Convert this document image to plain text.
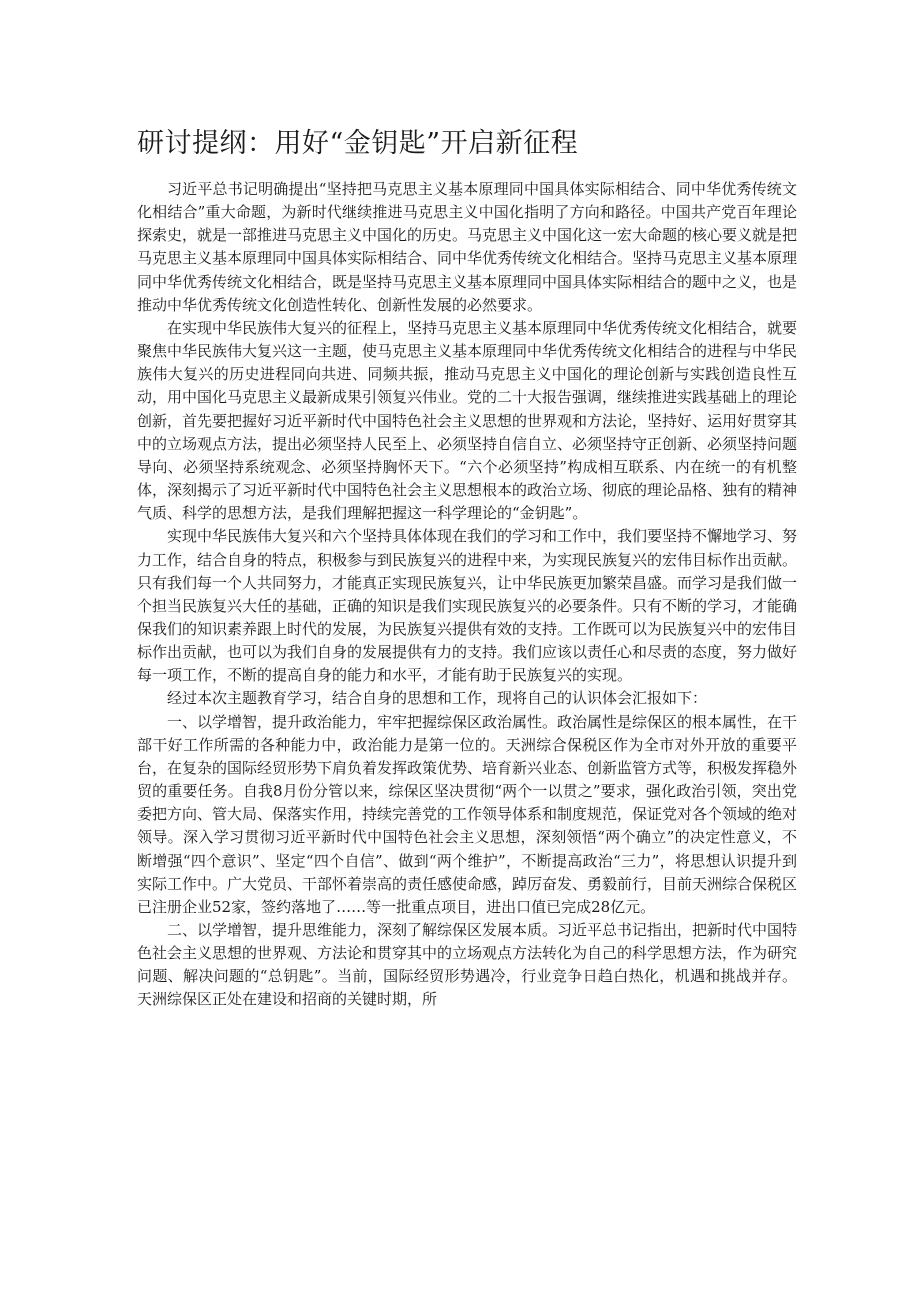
研讨提纲：用好“金钥匙”开启新征程

习近平总书记明确提出“坚持把马克思主义基本原理同中国具体实际相结合、同中华优秀传统文化相结合”重大命题，为新时代继续推进马克思主义中国化指明了方向和路径。中国共产党百年理论探索史，就是一部推进马克思主义中国化的历史。马克思主义中国化这一宏大命题的核心要义就是把马克思主义基本原理同中国具体实际相结合、同中华优秀传统文化相结合。坚持马克思主义基本原理同中华优秀传统文化相结合，既是坚持马克思主义基本原理同中国具体实际相结合的题中之义，也是推动中华优秀传统文化创造性转化、创新性发展的必然要求。

在实现中华民族伟大复兴的征程上，坚持马克思主义基本原理同中华优秀传统文化相结合，就要聚焦中华民族伟大复兴这一主题，使马克思主义基本原理同中华优秀传统文化相结合的进程与中华民族伟大复兴的历史进程同向共进、同频共振，推动马克思主义中国化的理论创新与实践创造良性互动，用中国化马克思主义最新成果引领复兴伟业。党的二十大报告强调，继续推进实践基础上的理论创新，首先要把握好习近平新时代中国特色社会主义思想的世界观和方法论，坚持好、运用好贯穿其中的立场观点方法，提出必须坚持人民至上、必须坚持自信自立、必须坚持守正创新、必须坚持问题导向、必须坚持系统观念、必须坚持胸怀天下。“六个必须坚持”构成相互联系、内在统一的有机整体，深刻揭示了习近平新时代中国特色社会主义思想根本的政治立场、彻底的理论品格、独有的精神气质、科学的思想方法，是我们理解把握这一科学理论的“金钥匙”。

实现中华民族伟大复兴和六个坚持具体体现在我们的学习和工作中，我们要坚持不懈地学习、努力工作，结合自身的特点，积极参与到民族复兴的进程中来，为实现民族复兴的宏伟目标作出贡献。只有我们每一个人共同努力，才能真正实现民族复兴，让中华民族更加繁荣昌盛。而学习是我们做一个担当民族复兴大任的基础，正确的知识是我们实现民族复兴的必要条件。只有不断的学习，才能确保我们的知识素养跟上时代的发展，为民族复兴提供有效的支持。工作既可以为民族复兴中的宏伟目标作出贡献，也可以为我们自身的发展提供有力的支持。我们应该以责任心和尽责的态度，努力做好每一项工作，不断的提高自身的能力和水平，才能有助于民族复兴的实现。

经过本次主题教育学习，结合自身的思想和工作，现将自己的认识体会汇报如下：

一、以学增智，提升政治能力，牢牢把握综保区政治属性。政治属性是综保区的根本属性，在干部干好工作所需的各种能力中，政治能力是第一位的。天洲综合保税区作为全市对外开放的重要平台，在复杂的国际经贸形势下肩负着发挥政策优势、培育新兴业态、创新监管方式等，积极发挥稳外贸的重要任务。自我8月份分管以来，综保区坚决贯彻“两个一以贯之”要求，强化政治引领，突出党委把方向、管大局、保落实作用，持续完善党的工作领导体系和制度规范，保证党对各个领域的绝对领导。深入学习贯彻习近平新时代中国特色社会主义思想，深刻领悟“两个确立”的决定性意义，不断增强“四个意识”、坚定“四个自信”、做到“两个维护”，不断提高政治“三力”，将思想认识提升到实际工作中。广大党员、干部怀着崇高的责任感使命感，踔厉奋发、勇毅前行，目前天洲综合保税区已注册企业52家，签约落地了……等一批重点项目，进出口值已完成28亿元。

二、以学增智，提升思维能力，深刻了解综保区发展本质。习近平总书记指出，把新时代中国特色社会主义思想的世界观、方法论和贯穿其中的立场观点方法转化为自己的科学思想方法，作为研究问题、解决问题的“总钥匙”。当前，国际经贸形势遇冷，行业竞争日趋白热化，机遇和挑战并存。天洲综保区正处在建设和招商的关键时期，所
